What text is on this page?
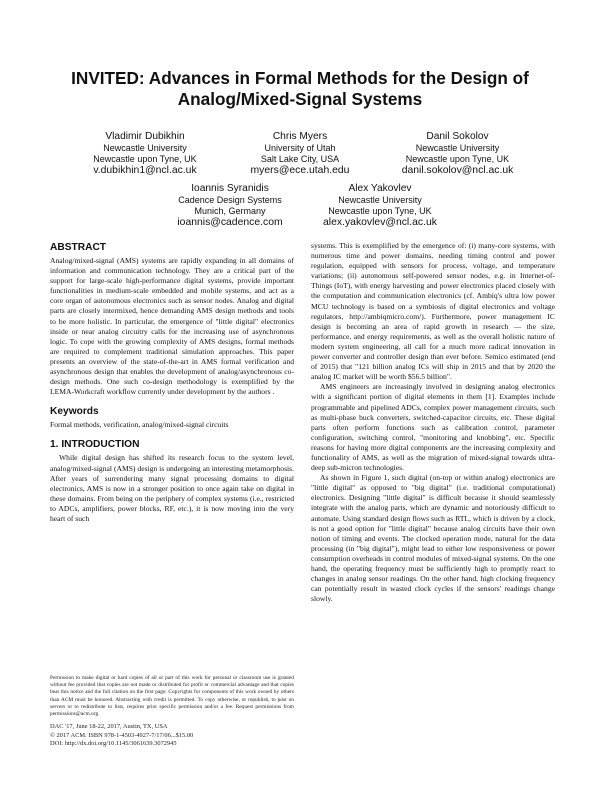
INVITED: Advances in Formal Methods for the Design of
Analog/Mixed-Signal Systems
Vladimir Dubikhin
Newcastle University
Newcastle upon Tyne, UK
v.dubikhin1@ncl.ac.uk
Chris Myers
University of Utah
Salt Lake City, USA
myers@ece.utah.edu
Danil Sokolov
Newcastle University
Newcastle upon Tyne, UK
danil.sokolov@ncl.ac.uk
Ioannis Syranidis
Cadence Design Systems
Munich, Germany
ioannis@cadence.com
Alex Yakovlev
Newcastle University
Newcastle upon Tyne, UK
alex.yakovlev@ncl.ac.uk
ABSTRACT

Analog/mixed-signal (AMS) systems are rapidly expanding in all domains of information and communication technology. They are a critical part of the support for large-scale high-performance digital systems, provide important functionalities in medium-scale embedded and mobile systems, and act as a core organ of autonomous electronics such as sensor nodes. Analog and digital parts are closely intermixed, hence demanding AMS design methods and tools to be more holistic. In particular, the emergence of "little digital" electronics inside or near analog circuitry calls for the increasing use of asynchronous logic. To cope with the growing complexity of AMS designs, formal methods are required to complement traditional simulation approaches. This paper presents an overview of the state-of-the-art in AMS formal verification and asynchronous design that enables the development of analog/asynchronous co-design methods. One such co-design methodology is exemplified by the LEMA-Workcraft workflow currently under development by the authors .

Keywords

Formal methods, verification, analog/mixed-signal circuits

1. INTRODUCTION

While digital design has shifted its research focus to the system level, analog/mixed-signal (AMS) design is undergoing an interesting metamorphosis. After years of surrendering many signal processing domains to digital electronics, AMS is now in a stronger position to once again take on digital in these domains. From being on the periphery of complex systems (i.e., restricted to ADCs, amplifiers, power blocks, RF, etc.), it is now moving into the very heart of such

Permission to make digital or hard copies of all or part of this work for personal or classroom use is granted without fee provided that copies are not made or distributed for profit or commercial advantage and that copies bear this notice and the full citation on the first page. Copyrights for components of this work owned by others than ACM must be honored. Abstracting with credit is permitted. To copy otherwise, or republish, to post on servers or to redistribute to lists, requires prior specific permission and/or a fee. Request permissions from permissions@acm.org.

DAC '17, June 18-22, 2017, Austin, TX, USA

© 2017 ACM. ISBN 978-1-4503-4927-7/17/06...$15.00

DOI: http://dx.doi.org/10.1145/3061639.3072945

systems. This is exemplified by the emergence of: (i) many-core systems, with numerous time and power domains, needing timing control and power regulation, equipped with sensors for process, voltage, and temperature variations; (ii) autonomous self-powered sensor nodes, e.g. in Internet-of-Things (IoT), with energy harvesting and power electronics placed closely with the computation and communication electronics (cf. Ambiq's ultra low power MCU technology is based on a symbiosis of digital electronics and voltage regulators, http://ambiqmicro.com/). Furthermore, power management IC design is becoming an area of rapid growth in research — the size, performance, and energy requirements, as well as the overall holistic nature of modern system engineering, all call for a much more radical innovation in power converter and controller design than ever before. Semico estimated (end of 2015) that "121 billion analog ICs will ship in 2015 and that by 2020 the analog IC market will be worth $56.5 billion".

AMS engineers are increasingly involved in designing analog electronics with a significant portion of digital elements in them [1]. Examples include programmable and pipelined ADCs, complex power management circuits, such as multi-phase buck converters, switched-capacitor circuits, etc. These digital parts often perform functions such as calibration control, parameter configuration, switching control, "monitoring and knobbing", etc. Specific reasons for having more digital components are the increasing complexity and functionality of AMS, as well as the migration of mixed-signal towards ultra-deep sub-micron technologies.

As shown in Figure 1, such digital (on-top or within analog) electronics are "little digital" as opposed to "big digital" (i.e. traditional computational) electronics. Designing "little digital" is difficult because it should seamlessly integrate with the analog parts, which are dynamic and notoriously difficult to automate. Using standard design flows such as RTL, which is driven by a clock, is not a good option for "little digital" because analog circuits have their own notion of timing and events. The clocked operation mode, natural for the data processing (in "big digital"), might lead to either low responsiveness or power consumption overheads in control modules of mixed-signal systems. On the one hand, the operating frequency must be sufficiently high to promptly react to changes in analog sensor readings. On the other hand, high clocking frequency can potentially result in wasted clock cycles if the sensors' readings change slowly.
